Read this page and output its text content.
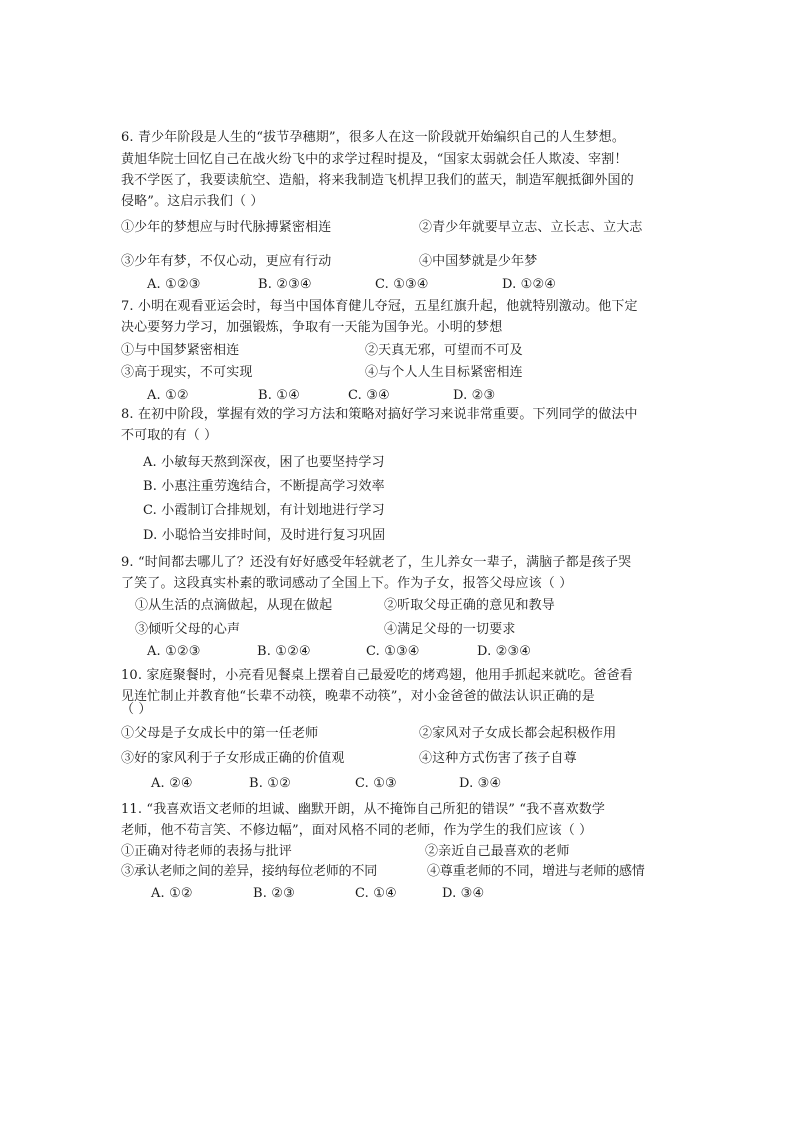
6. 青少年阶段是人生的“拔节孕穗期”，很多人在这一阶段就开始编织自己的人生梦想。
黄旭华院士回忆自己在战火纷飞中的求学过程时提及，“国家太弱就会任人欺凌、宰割！
我不学医了，我要读航空、造船，将来我制造飞机捍卫我们的蓝天，制造军舰抵御外国的
侵略”。这启示我们（ ）
①少年的梦想应与时代脉搏紧密相连	②青少年就要早立志、立长志、立大志
③少年有梦，不仅心动，更应有行动	④中国梦就是少年梦
A. ①②③	B. ②③④	C. ①③④	D. ①②④
7. 小明在观看亚运会时，每当中国体育健儿夺冠，五星红旗升起，他就特别激动。他下定
决心要努力学习，加强锻炼，争取有一天能为国争光。小明的梦想
①与中国梦紧密相连	②天真无邪，可望而不可及
③高于现实，不可实现	④与个人人生目标紧密相连
A. ①②	B. ①④	C. ③④	D. ②③
8. 在初中阶段，掌握有效的学习方法和策略对搞好学习来说非常重要。下列同学的做法中
不可取的有（ ）
A. 小敏每天熬到深夜，困了也要坚持学习
B. 小惠注重劳逸结合，不断提高学习效率
C. 小霞制订合排规划，有计划地进行学习
D. 小聪恰当安排时间，及时进行复习巩固
9. “时间都去哪儿了？还没有好好感受年轻就老了，生儿养女一辈子，满脑子都是孩子哭
了笑了。这段真实朴素的歌词感动了全国上下。作为子女，报答父母应该（ ）
①从生活的点滴做起，从现在做起	②听取父母正确的意见和教导
③倾听父母的心声	④满足父母的一切要求
A. ①②③	B. ①②④	C. ①③④	D. ②③④
10. 家庭聚餐时，小亮看见餐桌上摆着自己最爱吃的烤鸡翅，他用手抓起来就吃。爸爸看
见连忙制止并教育他“长辈不动筷，晚辈不动筷”，对小金爸爸的做法认识正确的是
（ ）
①父母是子女成长中的第一任老师	②家风对子女成长都会起积极作用
③好的家风利于子女形成正确的价值观	④这种方式伤害了孩子自尊
A. ②④	B. ①②	C. ①③	D. ③④
11. “我喜欢语文老师的坦诚、幽默开朗，从不掩饰自己所犯的错误” “我不喜欢数学
老师，他不苟言笑、不修边幅”，面对风格不同的老师，作为学生的我们应该（ ）
①正确对待老师的表扬与批评	②亲近自己最喜欢的老师
③承认老师之间的差异，接纳每位老师的不同	④尊重老师的不同，增进与老师的感情
A. ①②	B. ②③	C. ①④	D. ③④
